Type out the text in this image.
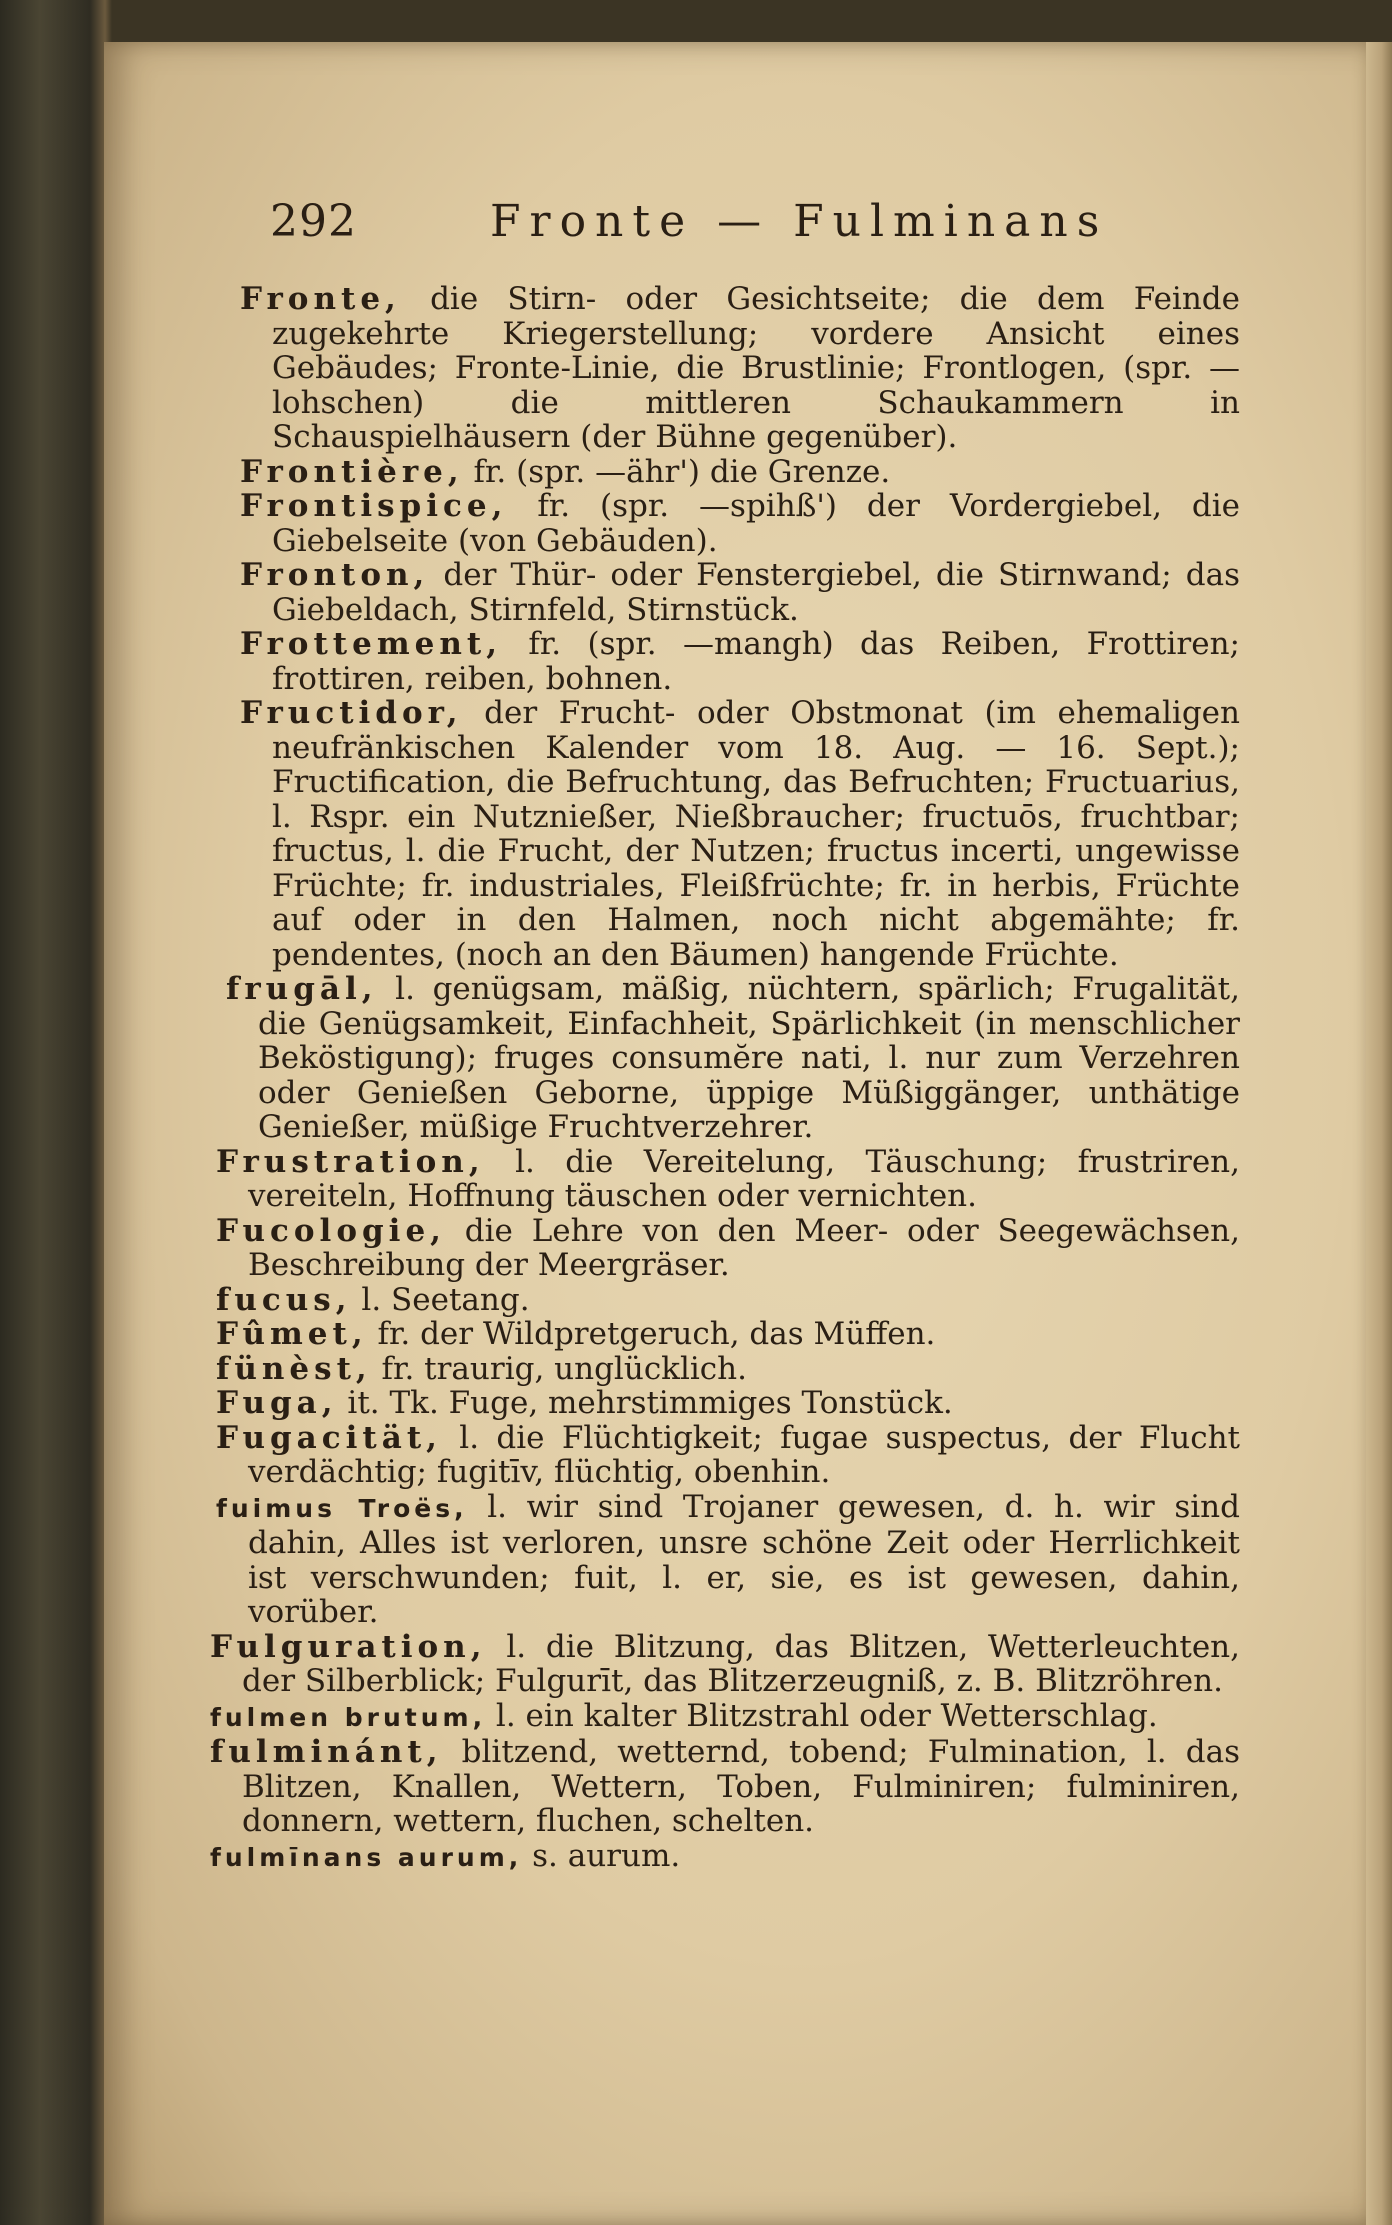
292	Fronte — Fulminans

Fronte, die Stirn- oder Gesichtseite; die dem Feinde zugekehrte Kriegerstellung; vordere Ansicht eines Gebäudes; Fronte-Linie, die Brustlinie; Frontlogen, (spr. —lohschen) die mittleren Schaukammern in Schauspielhäusern (der Bühne gegenüber).

Frontière, fr. (spr. —ähr') die Grenze.

Frontispice, fr. (spr. —spihß') der Vordergiebel, die Giebelseite (von Gebäuden).

Fronton, der Thür- oder Fenstergiebel, die Stirnwand; das Giebeldach, Stirnfeld, Stirnstück.

Frottement, fr. (spr. —mangh) das Reiben, Frottiren; frottiren, reiben, bohnen.

Fructidor, der Frucht- oder Obstmonat (im ehemaligen neufränkischen Kalender vom 18. Aug. — 16. Sept.); Fructification, die Befruchtung, das Befruchten; Fructuarius, l. Rspr. ein Nutznießer, Nießbraucher; fructuōs, fruchtbar; fructus, l. die Frucht, der Nutzen; fructus incerti, ungewisse Früchte; fr. industriales, Fleißfrüchte; fr. in herbis, Früchte auf oder in den Halmen, noch nicht abgemähte; fr. pendentes, (noch an den Bäumen) hangende Früchte.

frugāl, l. genügsam, mäßig, nüchtern, spärlich; Frugalität, die Genügsamkeit, Einfachheit, Spärlichkeit (in menschlicher Beköstigung); fruges consumĕre nati, l. nur zum Verzehren oder Genießen Geborne, üppige Müßiggänger, unthätige Genießer, müßige Fruchtverzehrer.

Frustration, l. die Vereitelung, Täuschung; frustriren, vereiteln, Hoffnung täuschen oder vernichten.

Fucologie, die Lehre von den Meer- oder Seegewächsen, Beschreibung der Meergräser.

fucus, l. Seetang.

Fûmet, fr. der Wildpretgeruch, das Müffen.

fünèst, fr. traurig, unglücklich.

Fuga, it. Tk. Fuge, mehrstimmiges Tonstück.

Fugacität, l. die Flüchtigkeit; fugae suspectus, der Flucht verdächtig; fugitīv, flüchtig, obenhin.

fuimus Troës, l. wir sind Trojaner gewesen, d. h. wir sind dahin, Alles ist verloren, unsre schöne Zeit oder Herrlichkeit ist verschwunden; fuit, l. er, sie, es ist gewesen, dahin, vorüber.

Fulguration, l. die Blitzung, das Blitzen, Wetterleuchten, der Silberblick; Fulgurīt, das Blitzerzeugniß, z. B. Blitzröhren.

fulmen brutum, l. ein kalter Blitzstrahl oder Wetterschlag.

fulminánt, blitzend, wetternd, tobend; Fulmination, l. das Blitzen, Knallen, Wettern, Toben, Fulminiren; fulminiren, donnern, wettern, fluchen, schelten.

fulmīnans aurum, s. aurum.
